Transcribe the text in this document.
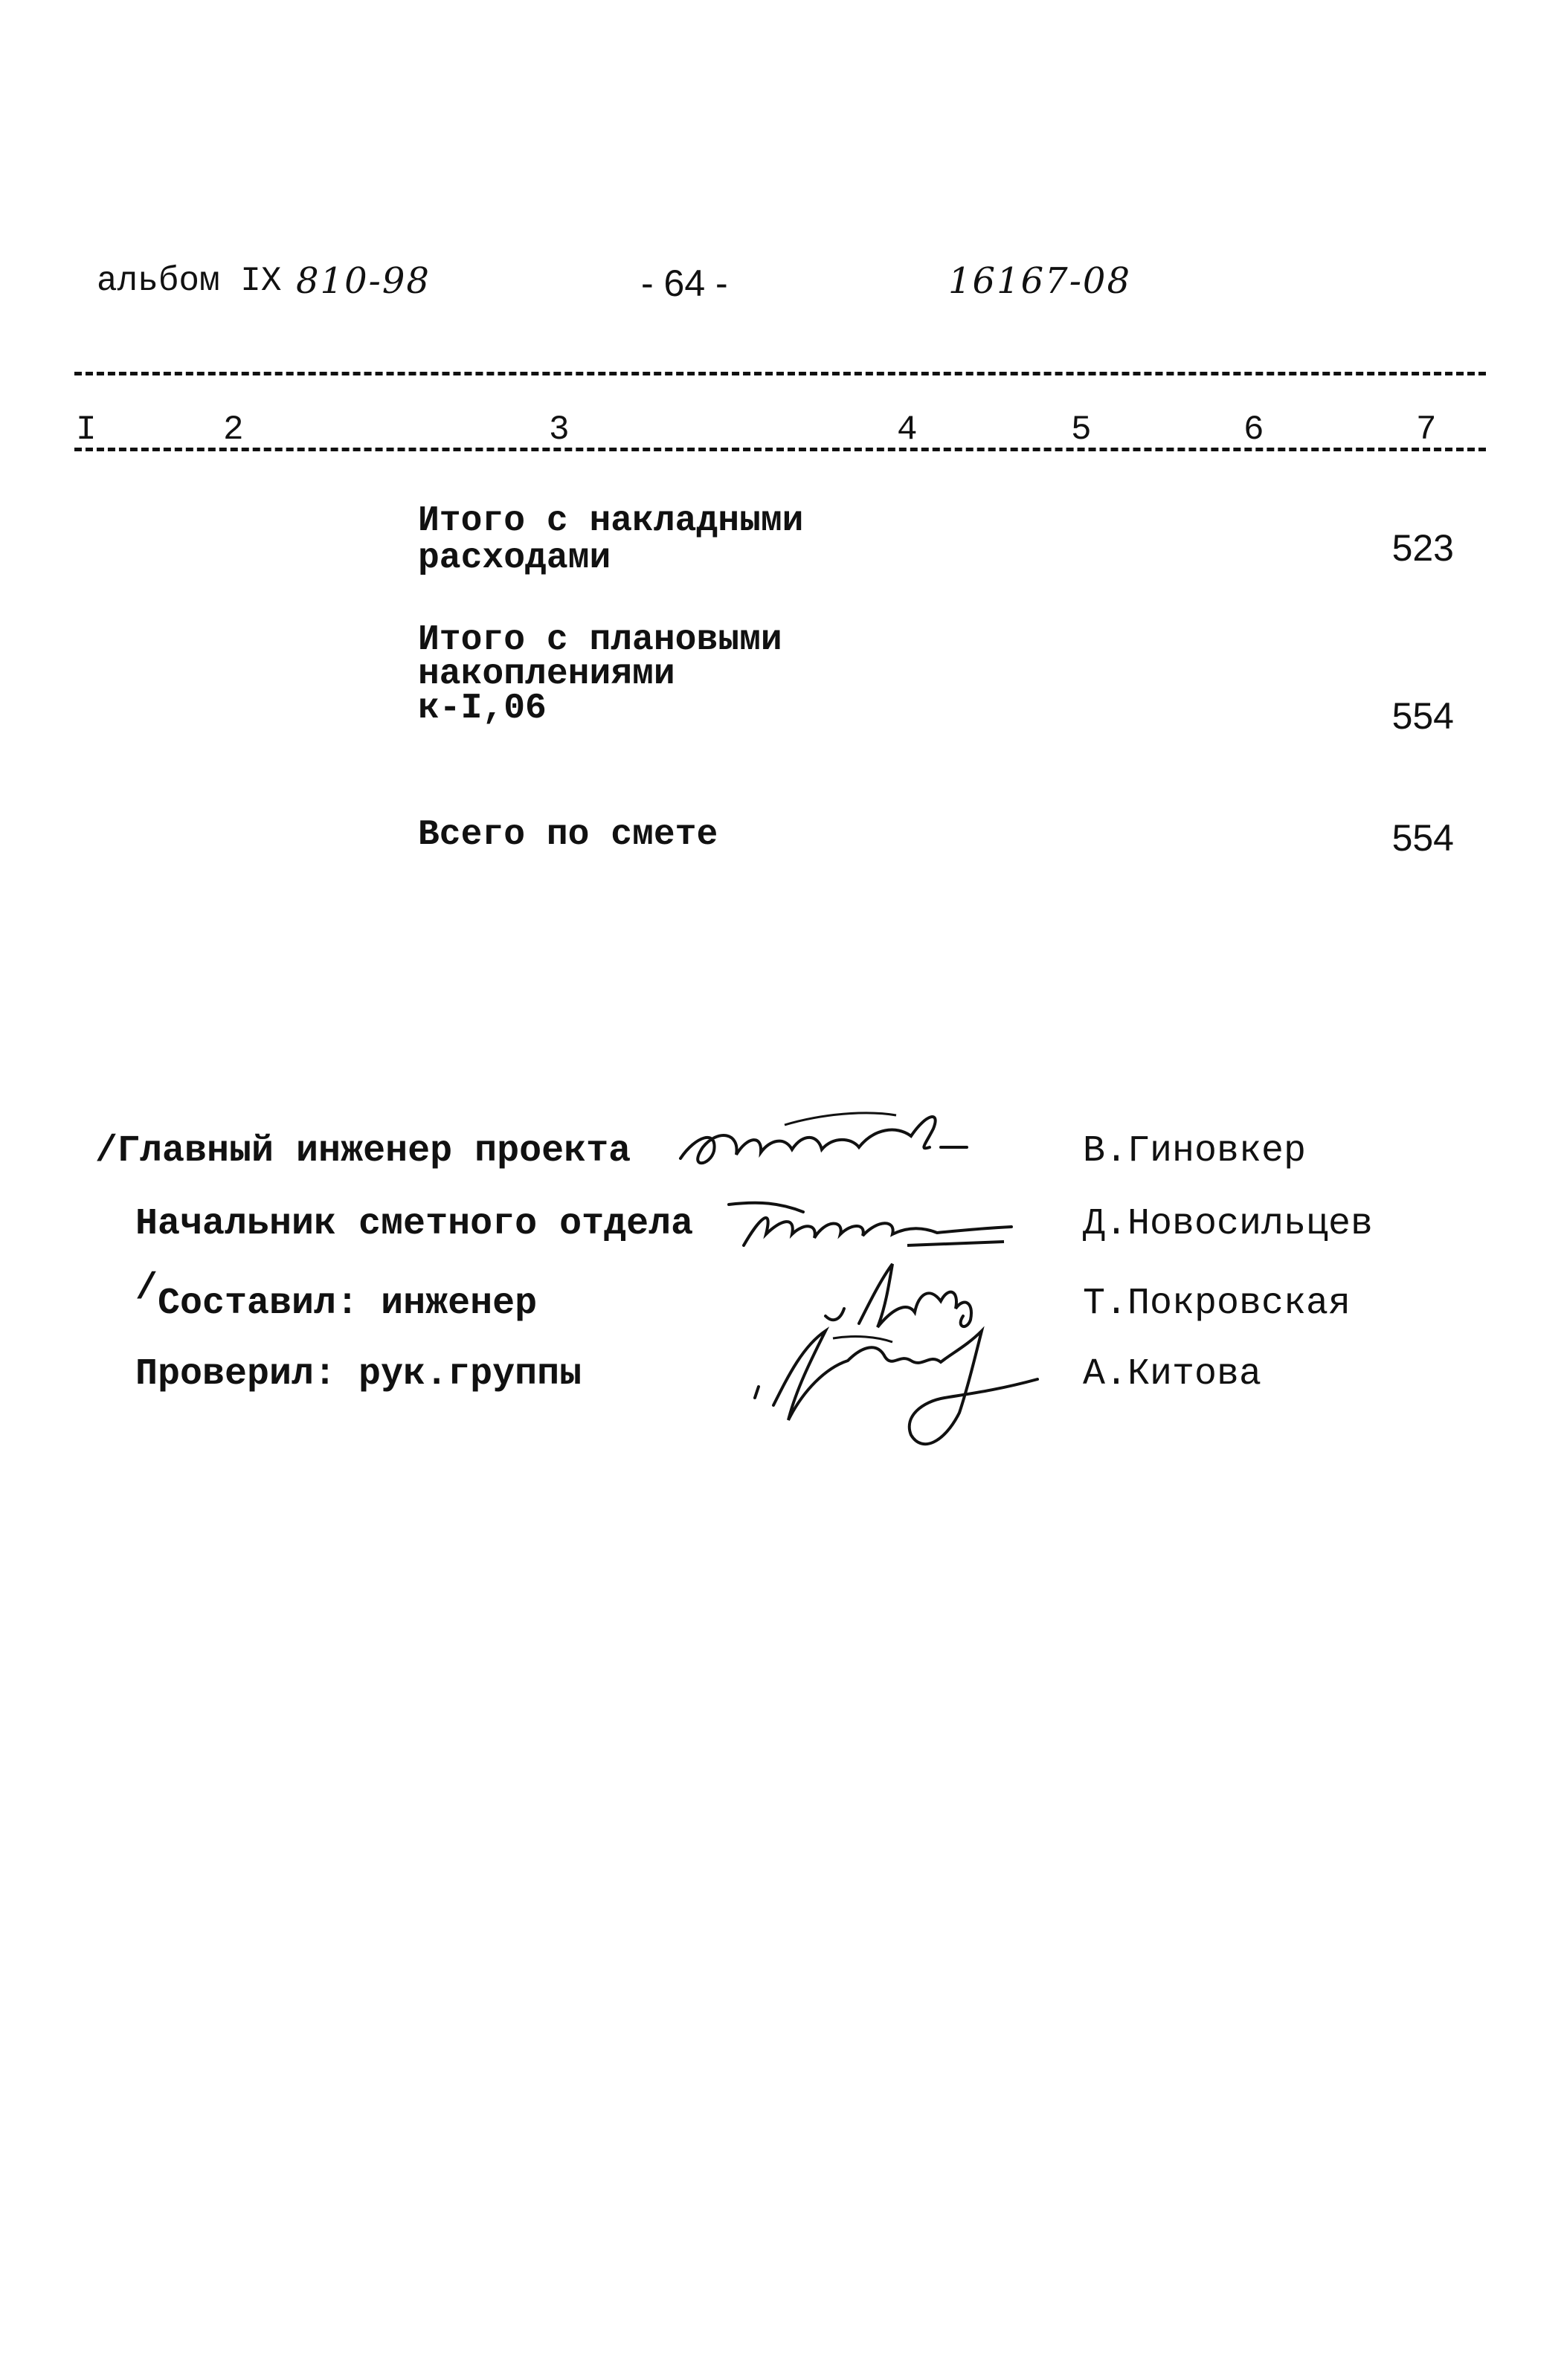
альбом IX 810-98	- 64 -	16167-08
I	2	3	4	5	6	7
Итого с накладными
расходами	523
Итого с плановыми
накоплениями
к-I,06	554
Всего по смете	554
/Главный инженер проекта	В.Гиновкер
Начальник сметного отдела	Д.Новосильцев
/Составил: инженер	Т.Покровская
Проверил: рук.группы	А.Китова
